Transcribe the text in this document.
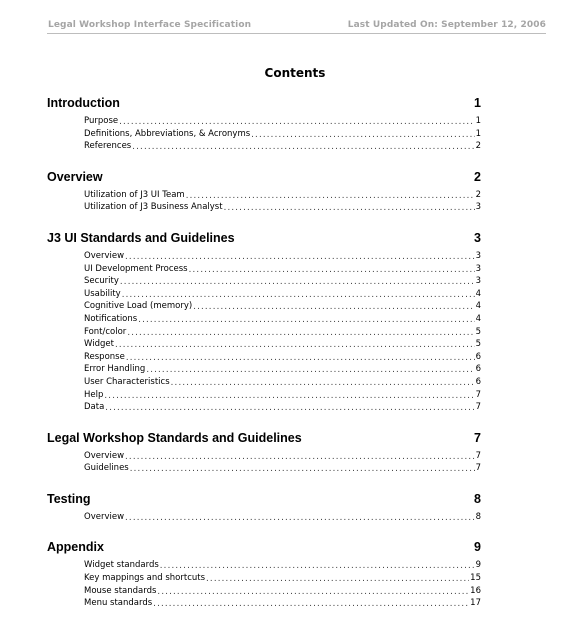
Legal Workshop Interface Specification	Last Updated On: September 12, 2006
Contents
Introduction	1
Purpose .....	1
Definitions, Abbreviations, & Acronyms .....	1
References .....	2
Overview	2
Utilization of J3 UI Team .....	2
Utilization of J3 Business Analyst .....	3
J3 UI Standards and Guidelines	3
Overview .....	3
UI Development Process .....	3
Security .....	3
Usability .....	4
Cognitive Load (memory) .....	4
Notifications .....	4
Font/color .....	5
Widget .....	5
Response .....	6
Error Handling .....	6
User Characteristics .....	6
Help .....	7
Data .....	7
Legal Workshop Standards and Guidelines	7
Overview .....	7
Guidelines .....	7
Testing	8
Overview .....	8
Appendix	9
Widget standards .....	9
Key mappings and shortcuts .....	15
Mouse standards .....	16
Menu standards .....	17
